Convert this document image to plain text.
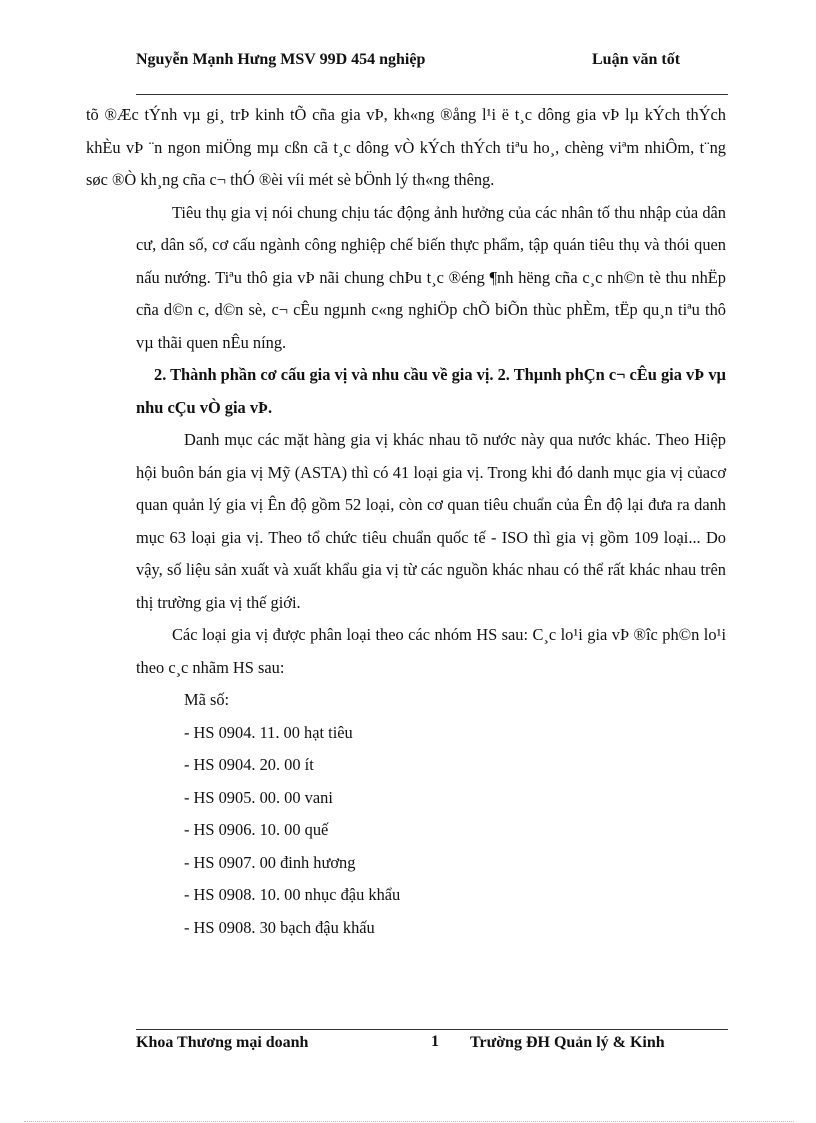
Nguyễn Mạnh Hưng MSV 99D 454 nghiệp	Luận văn tốt

tõ ®Æc tÝnh vµ gi¸ trÞ kinh tÕ cña gia vÞ, kh«ng ®ång l¹i ë t¸c dông gia vÞ lµ kÝch thÝch khÈu vÞ ¨n ngon miÖng mµ cßn cã t¸c dông vÒ kÝch thÝch tiªu ho¸, chèng viªm nhiÔm, t¨ng søc ®Ò kh¸ng cña c¬ thÓ ®èi víi mét sè bÖnh lý th«ng thêng.

Tiêu thụ gia vị nói chung chịu tác động ảnh hưởng của các nhân tố thu nhập của dân cư, dân số, cơ cấu ngành công nghiệp chế biến thực phẩm, tập quán tiêu thụ và thói quen nấu nướng. Tiªu thô gia vÞ nãi chung chÞu t¸c ®éng ¶nh hëng cña c¸c nh©n tè thu nhËp cña d©n c, d©n sè, c¬ cÊu ngµnh c«ng nghiÖp chÕ biÕn thùc phÈm, tËp qu¸n tiªu thô vµ thãi quen nÊu níng.

2. Thành phần cơ cấu gia vị và nhu cầu về gia vị. 2. Thµnh phÇn c¬ cÊu gia vÞ vµ nhu cÇu vÒ gia vÞ.

Danh mục các mặt hàng gia vị khác nhau tõ nước này qua nước khác. Theo Hiệp hội buôn bán gia vị Mỹ (ASTA) thì có 41 loại gia vị. Trong khi đó danh mục gia vị củacơ quan quản lý gia vị Ên độ gồm 52 loại, còn cơ quan tiêu chuẩn của Ên độ lại đưa ra danh mục 63 loại gia vị. Theo tổ chức tiêu chuẩn quốc tế - ISO thì gia vị gồm 109 loại... Do vậy, số liệu sản xuất và xuất khẩu gia vị từ các nguồn khác nhau có thể rất khác nhau trên thị trường gia vị thế giới.

Các loại gia vị được phân loại theo các nhóm HS sau: C¸c lo¹i gia vÞ ®îc ph©n lo¹i theo c¸c nhãm HS sau:

Mã số:
- HS 0904. 11. 00 hạt tiêu
- HS 0904. 20. 00 ít
- HS 0905. 00. 00 vani
- HS 0906. 10. 00 quế
- HS 0907. 00 đinh hương
- HS 0908. 10. 00 nhục đậu khẩu
- HS 0908. 30 bạch đậu khấu
Khoa Thương mại doanh	1 Trường ĐH Quản lý & Kinh
